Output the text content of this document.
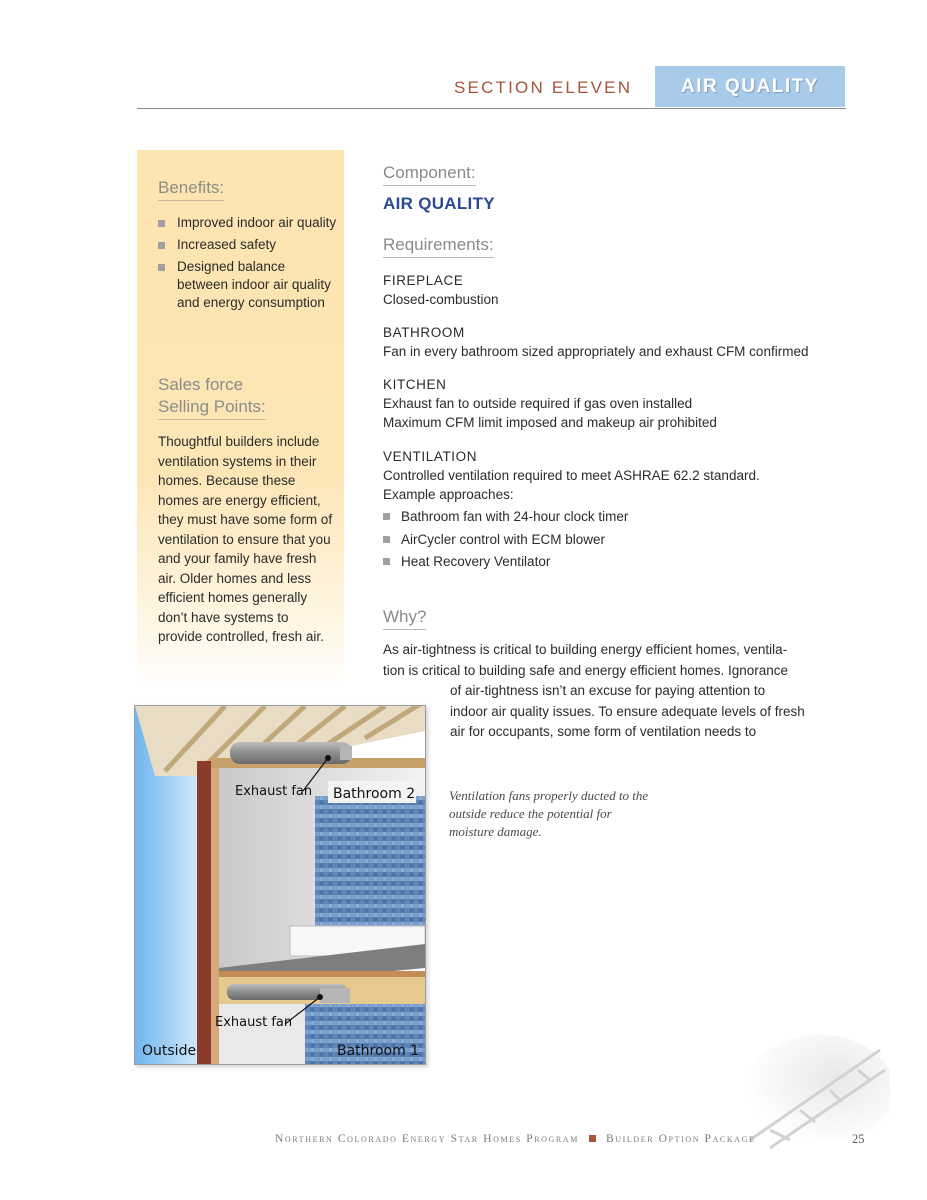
SECTION ELEVEN	AIR QUALITY
Benefits:
Improved indoor air quality
Increased safety
Designed balance between indoor air quality and energy consumption
Sales force
Selling Points:

Thoughtful builders include ventilation systems in their homes. Because these homes are energy efficient, they must have some form of ventilation to ensure that you and your family have fresh air. Older homes and less efficient homes generally don’t have systems to provide controlled, fresh air.

Component:
AIR QUALITY
Requirements:
FIREPLACE
Closed-combustion
BATHROOM
Fan in every bathroom sized appropriately and exhaust CFM confirmed
KITCHEN
Exhaust fan to outside required if gas oven installed
Maximum CFM limit imposed and makeup air prohibited
VENTILATION
Controlled ventilation required to meet ASHRAE 62.2 standard.
Example approaches:
Bathroom fan with 24-hour clock timer
AirCycler control with ECM blower
Heat Recovery Ventilator
Why?

As air-tightness is critical to building energy efficient homes, ventila-
tion is critical to building safe and energy efficient homes. Ignorance
of air-tightness isn’t an excuse for paying attention to
indoor air quality issues. To ensure adequate levels of fresh
air for occupants, some form of ventilation needs to

Ventilation fans properly ducted to the outside reduce the potential for moisture damage.
Exhaust fan Bathroom 2
Exhaust fan
Outside	Bathroom 1
Northern Colorado Energy Star Homes Program Builder Option Package	25
